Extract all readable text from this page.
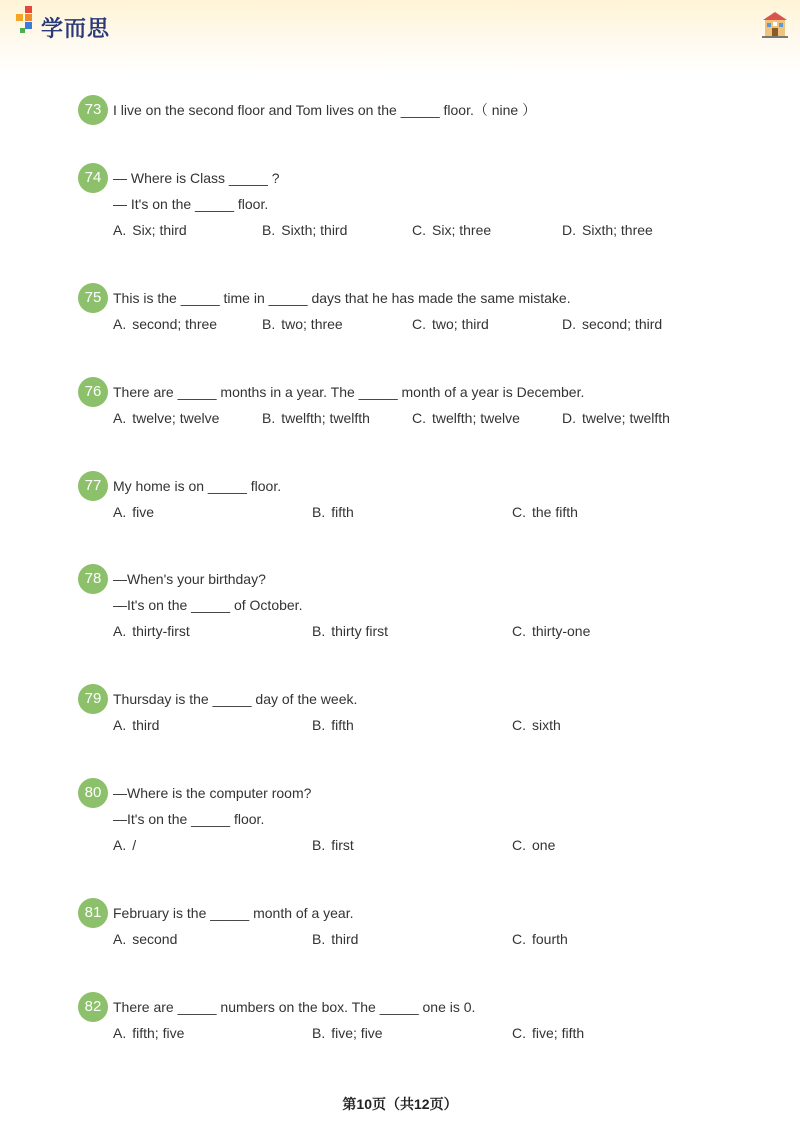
学而思
73 I live on the second floor and Tom lives on the _____ floor.（ nine ）
74 — Where is Class _____ ?
— It's on the _____ floor.
A. Six; third	B. Sixth; third	C. Six; three	D. Sixth; three
75 This is the _____ time in _____ days that he has made the same mistake.
A. second; three	B. two; three	C. two; third	D. second; third
76 There are _____ months in a year. The _____ month of a year is December.
A. twelve; twelve	B. twelfth; twelfth	C. twelfth; twelve	D. twelve; twelfth
77 My home is on _____ floor.
A. five	B. fifth	C. the fifth
78 —When's your birthday?
—It's on the _____ of October.
A. thirty-first	B. thirty first	C. thirty-one
79 Thursday is the _____ day of the week.
A. third	B. fifth	C. sixth
80 —Where is the computer room?
—It's on the _____ floor.
A. /	B. first	C. one
81 February is the _____ month of a year.
A. second	B. third	C. fourth
82 There are _____ numbers on the box. The _____ one is 0.
A. fifth; five	B. five; five	C. five; fifth
第10页（共12页）
